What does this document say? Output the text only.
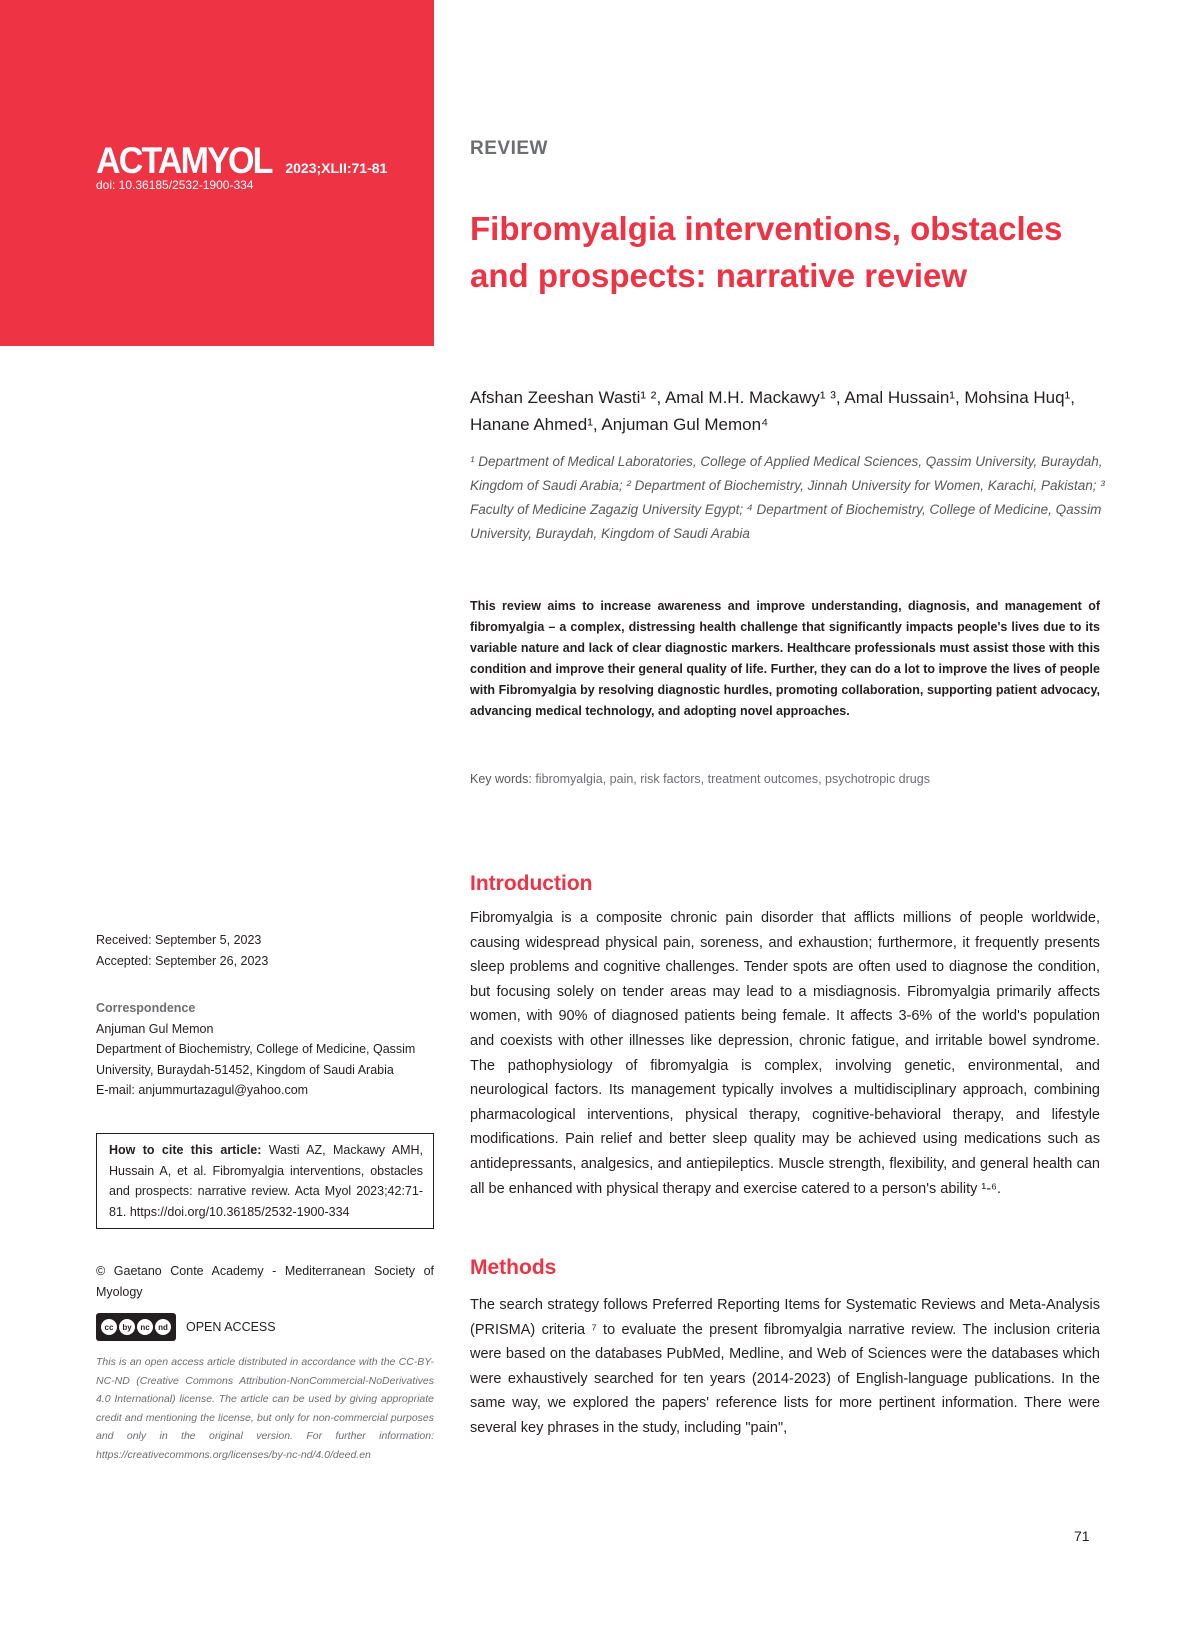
ACTAMYOL 2023;XLII:71-81
doi: 10.36185/2532-1900-334
REVIEW
Fibromyalgia interventions, obstacles and prospects: narrative review
Afshan Zeeshan Wasti¹ ², Amal M.H. Mackawy¹ ³, Amal Hussain¹, Mohsina Huq¹, Hanane Ahmed¹, Anjuman Gul Memon⁴
¹ Department of Medical Laboratories, College of Applied Medical Sciences, Qassim University, Buraydah, Kingdom of Saudi Arabia; ² Department of Biochemistry, Jinnah University for Women, Karachi, Pakistan; ³ Faculty of Medicine Zagazig University Egypt; ⁴ Department of Biochemistry, College of Medicine, Qassim University, Buraydah, Kingdom of Saudi Arabia
This review aims to increase awareness and improve understanding, diagnosis, and management of fibromyalgia – a complex, distressing health challenge that significantly impacts people's lives due to its variable nature and lack of clear diagnostic markers. Healthcare professionals must assist those with this condition and improve their general quality of life. Further, they can do a lot to improve the lives of people with Fibromyalgia by resolving diagnostic hurdles, promoting collaboration, supporting patient advocacy, advancing medical technology, and adopting novel approaches.
Key words: fibromyalgia, pain, risk factors, treatment outcomes, psychotropic drugs
Introduction
Fibromyalgia is a composite chronic pain disorder that afflicts millions of people worldwide, causing widespread physical pain, soreness, and exhaustion; furthermore, it frequently presents sleep problems and cognitive challenges. Tender spots are often used to diagnose the condition, but focusing solely on tender areas may lead to a misdiagnosis. Fibromyalgia primarily affects women, with 90% of diagnosed patients being female. It affects 3-6% of the world's population and coexists with other illnesses like depression, chronic fatigue, and irritable bowel syndrome. The pathophysiology of fibromyalgia is complex, involving genetic, environmental, and neurological factors. Its management typically involves a multidisciplinary approach, combining pharmacological interventions, physical therapy, cognitive-behavioral therapy, and lifestyle modifications. Pain relief and better sleep quality may be achieved using medications such as antidepressants, analgesics, and antiepileptics. Muscle strength, flexibility, and general health can all be enhanced with physical therapy and exercise catered to a person's ability ¹-⁶.
Methods
The search strategy follows Preferred Reporting Items for Systematic Reviews and Meta-Analysis (PRISMA) criteria ⁷ to evaluate the present fibromyalgia narrative review. The inclusion criteria were based on the databases PubMed, Medline, and Web of Sciences were the databases which were exhaustively searched for ten years (2014-2023) of English-language publications. In the same way, we explored the papers' reference lists for more pertinent information. There were several key phrases in the study, including "pain",
Received: September 5, 2023
Accepted: September 26, 2023
Correspondence
Anjuman Gul Memon
Department of Biochemistry, College of Medicine, Qassim University, Buraydah-51452, Kingdom of Saudi Arabia
E-mail: anjummurtazagul@yahoo.com
How to cite this article: Wasti AZ, Mackawy AMH, Hussain A, et al. Fibromyalgia interventions, obstacles and prospects: narrative review. Acta Myol 2023;42:71-81. https://doi.org/10.36185/2532-1900-334
© Gaetano Conte Academy - Mediterranean Society of Myology
cc	by	nc	nd OPEN ACCESS
This is an open access article distributed in accordance with the CC-BY-NC-ND (Creative Commons Attribution-NonCommercial-NoDerivatives 4.0 International) license. The article can be used by giving appropriate credit and mentioning the license, but only for non-commercial purposes and only in the original version. For further information: https://creativecommons.org/licenses/by-nc-nd/4.0/deed.en
71
